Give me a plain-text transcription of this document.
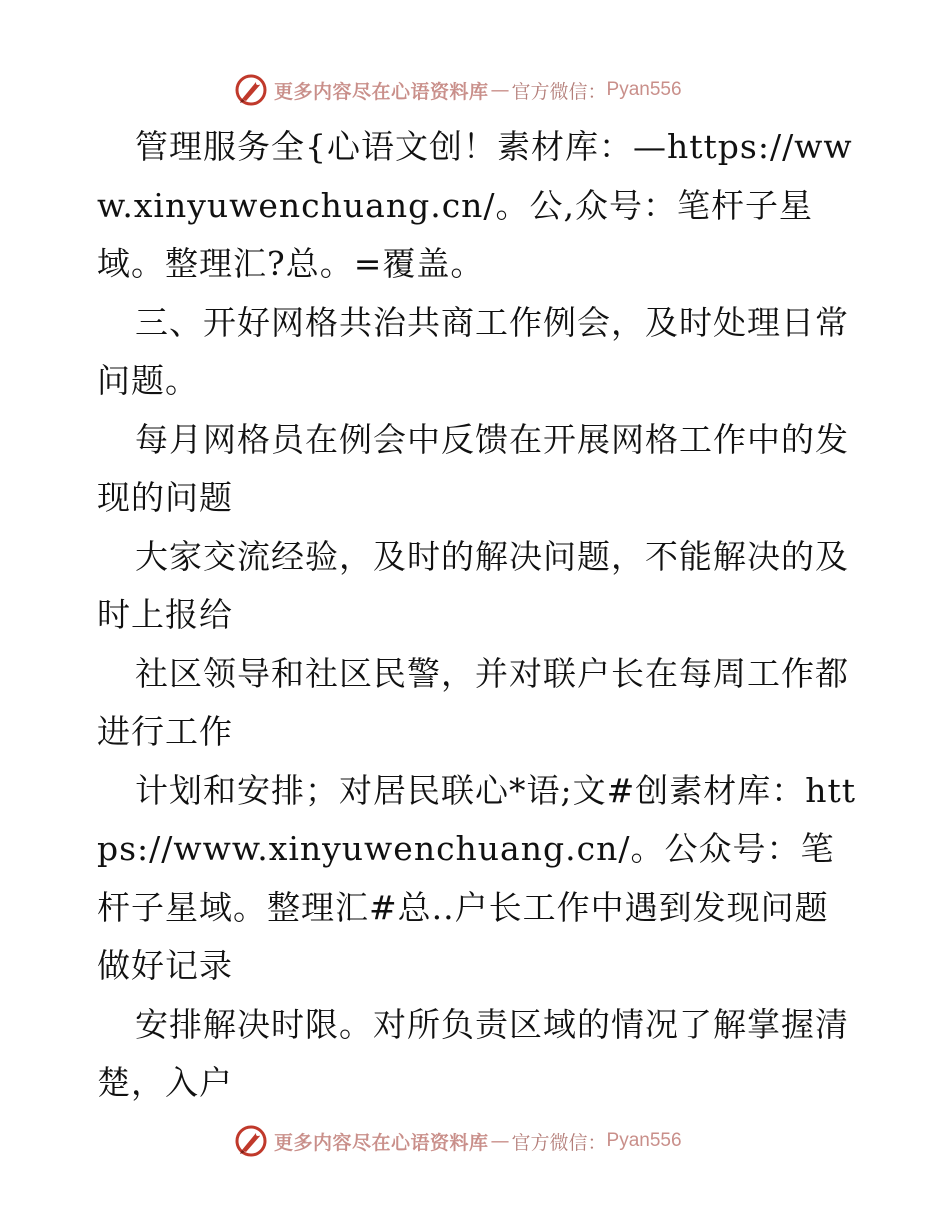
更多内容尽在心语资料库 — 官方微信： Pyan556

管理服务全{心语文创！素材库：—https://www.xinyuwenchuang.cn/。公,众号：笔杆子星域。整理汇?总。=覆盖。

三、开好网格共治共商工作例会，及时处理日常问题。

每月网格员在例会中反馈在开展网格工作中的发现的问题

大家交流经验，及时的解决问题，不能解决的及时上报给

社区领导和社区民警，并对联户长在每周工作都进行工作

计划和安排；对居民联心*语;文#创素材库：https://www.xinyuwenchuang.cn/。公众号：笔杆子星域。整理汇#总..户长工作中遇到发现问题做好记录

安排解决时限。对所负责区域的情况了解掌握清楚，入户

更多内容尽在心语资料库 — 官方微信： Pyan556
